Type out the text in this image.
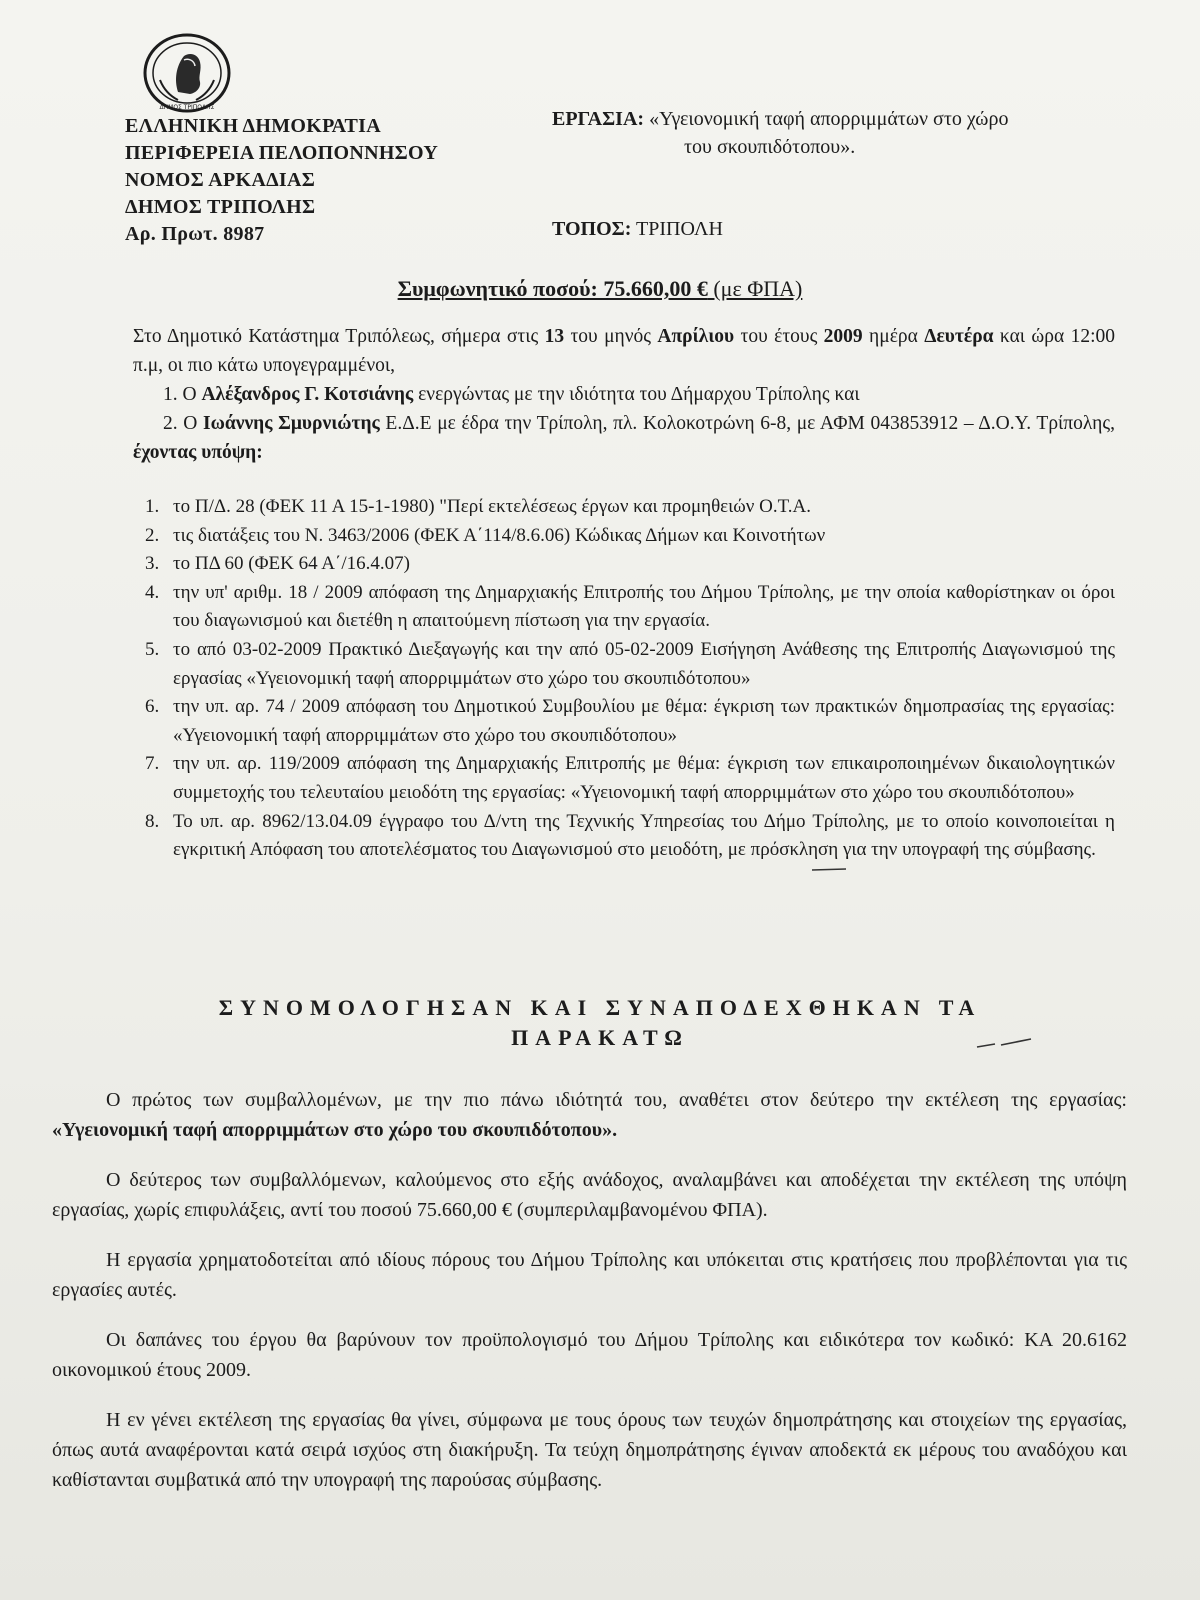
ΔΗΜΟΣ ΤΡΙΠΟΛΗΣ
ΕΛΛΗΝΙΚΗ ΔΗΜΟΚΡΑΤΙΑ
ΠΕΡΙΦΕΡΕΙΑ ΠΕΛΟΠΟΝΝΗΣΟΥ
ΝΟΜΟΣ ΑΡΚΑΔΙΑΣ
ΔΗΜΟΣ ΤΡΙΠΟΛΗΣ
Αρ. Πρωτ. 8987
ΕΡΓΑΣΙΑ: «Υγειονομική ταφή απορριμμάτων στο χώρο
του σκουπιδότοπου».
ΤΟΠΟΣ: ΤΡΙΠΟΛΗ
Συμφωνητικό ποσού: 75.660,00 € (με ΦΠΑ)

Στο Δημοτικό Κατάστημα Τριπόλεως, σήμερα στις 13 του μηνός Απρίλιου του έτους 2009 ημέρα Δευτέρα και ώρα 12:00 π.μ, οι πιο κάτω υπογεγραμμένοι,

1. Ο Αλέξανδρος Γ. Κοτσιάνης ενεργώντας με την ιδιότητα του Δήμαρχου Τρίπολης και
2. Ο Ιωάννης Σμυρνιώτης Ε.Δ.Ε με έδρα την Τρίπολη, πλ. Κολοκοτρώνη 6-8, με ΑΦΜ 043853912 – Δ.Ο.Υ. Τρίπολης, έχοντας υπόψη:
1. το Π/Δ. 28 (ΦΕΚ 11 Α 15-1-1980) "Περί εκτελέσεως έργων και προμηθειών Ο.Τ.Α.
2. τις διατάξεις του Ν. 3463/2006 (ΦΕΚ Α΄114/8.6.06) Κώδικας Δήμων και Κοινοτήτων
3. το ΠΔ 60 (ΦΕΚ 64 Α΄/16.4.07)
4. την υπ' αριθμ. 18 / 2009 απόφαση της Δημαρχιακής Επιτροπής του Δήμου Τρίπολης, με την οποία καθορίστηκαν οι όροι του διαγωνισμού και διετέθη η απαιτούμενη πίστωση για την εργασία.
5. το από 03-02-2009 Πρακτικό Διεξαγωγής και την από 05-02-2009 Εισήγηση Ανάθεσης της Επιτροπής Διαγωνισμού της εργασίας «Υγειονομική ταφή απορριμμάτων στο χώρο του σκουπιδότοπου»
6. την υπ. αρ. 74 / 2009 απόφαση του Δημοτικού Συμβουλίου με θέμα: έγκριση των πρακτικών δημοπρασίας της εργασίας: «Υγειονομική ταφή απορριμμάτων στο χώρο του σκουπιδότοπου»
7. την υπ. αρ. 119/2009 απόφαση της Δημαρχιακής Επιτροπής με θέμα: έγκριση των επικαιροποιημένων δικαιολογητικών συμμετοχής του τελευταίου μειοδότη της εργασίας: «Υγειονομική ταφή απορριμμάτων στο χώρο του σκουπιδότοπου»
8. Το υπ. αρ. 8962/13.04.09 έγγραφο του Δ/ντη της Τεχνικής Υπηρεσίας του Δήμο Τρίπολης, με το οποίο κοινοποιείται η εγκριτική Απόφαση του αποτελέσματος του Διαγωνισμού στο μειοδότη, με πρόσκληση για την υπογραφή της σύμβασης.
ΣΥΝΟΜΟΛΟΓΗΣΑΝ ΚΑΙ ΣΥΝΑΠΟΔΕΧΘΗΚΑΝ ΤΑ
ΠΑΡΑΚΑΤΩ

Ο πρώτος των συμβαλλομένων, με την πιο πάνω ιδιότητά του, αναθέτει στον δεύτερο την εκτέλεση της εργασίας: «Υγειονομική ταφή απορριμμάτων στο χώρο του σκουπιδότοπου».

Ο δεύτερος των συμβαλλόμενων, καλούμενος στο εξής ανάδοχος, αναλαμβάνει και αποδέχεται την εκτέλεση της υπόψη εργασίας, χωρίς επιφυλάξεις, αντί του ποσού 75.660,00 € (συμπεριλαμβανομένου ΦΠΑ).

Η εργασία χρηματοδοτείται από ιδίους πόρους του Δήμου Τρίπολης και υπόκειται στις κρατήσεις που προβλέπονται για τις εργασίες αυτές.

Οι δαπάνες του έργου θα βαρύνουν τον προϋπολογισμό του Δήμου Τρίπολης και ειδικότερα τον κωδικό: ΚΑ 20.6162 οικονομικού έτους 2009.

Η εν γένει εκτέλεση της εργασίας θα γίνει, σύμφωνα με τους όρους των τευχών δημοπράτησης και στοιχείων της εργασίας, όπως αυτά αναφέρονται κατά σειρά ισχύος στη διακήρυξη. Τα τεύχη δημοπράτησης έγιναν αποδεκτά εκ μέρους του αναδόχου και καθίστανται συμβατικά από την υπογραφή της παρούσας σύμβασης.
